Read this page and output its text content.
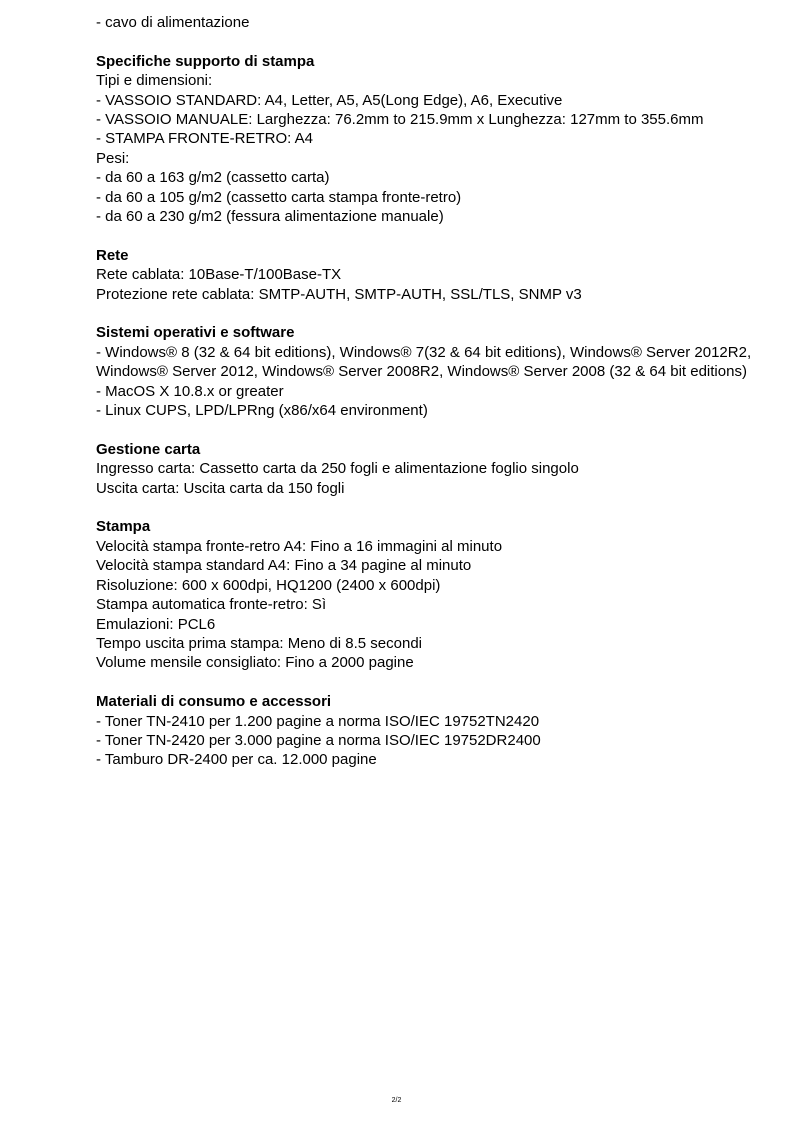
- cavo di alimentazione
Specifiche supporto di stampa
Tipi e dimensioni:
- VASSOIO STANDARD: A4, Letter, A5, A5(Long Edge), A6, Executive
- VASSOIO MANUALE: Larghezza: 76.2mm to 215.9mm x Lunghezza: 127mm to 355.6mm
- STAMPA FRONTE-RETRO: A4
Pesi:
- da 60 a 163 g/m2 (cassetto carta)
- da 60 a 105 g/m2 (cassetto carta stampa fronte-retro)
- da 60 a 230 g/m2 (fessura alimentazione manuale)
Rete
Rete cablata: 10Base-T/100Base-TX
Protezione rete cablata: SMTP-AUTH, SMTP-AUTH, SSL/TLS, SNMP v3
Sistemi operativi e software
- Windows® 8 (32 & 64 bit editions), Windows® 7(32 & 64 bit editions), Windows® Server 2012R2, Windows® Server 2012, Windows® Server 2008R2, Windows® Server 2008 (32 & 64 bit editions)
- MacOS X 10.8.x or greater
- Linux CUPS, LPD/LPRng (x86/x64 environment)
Gestione carta
Ingresso carta: Cassetto carta da 250 fogli e alimentazione foglio singolo
Uscita carta: Uscita carta da 150 fogli
Stampa
Velocità stampa fronte-retro A4: Fino a 16 immagini al minuto
Velocità stampa standard A4: Fino a 34 pagine al minuto
Risoluzione: 600 x 600dpi, HQ1200 (2400 x 600dpi)
Stampa automatica fronte-retro: Sì
Emulazioni: PCL6
Tempo uscita prima stampa: Meno di 8.5 secondi
Volume mensile consigliato: Fino a 2000 pagine
Materiali di consumo e accessori
- Toner TN-2410 per 1.200 pagine a norma ISO/IEC 19752TN2420
- Toner TN-2420 per 3.000 pagine a norma ISO/IEC 19752DR2400
- Tamburo DR-2400 per ca. 12.000 pagine
2/2
